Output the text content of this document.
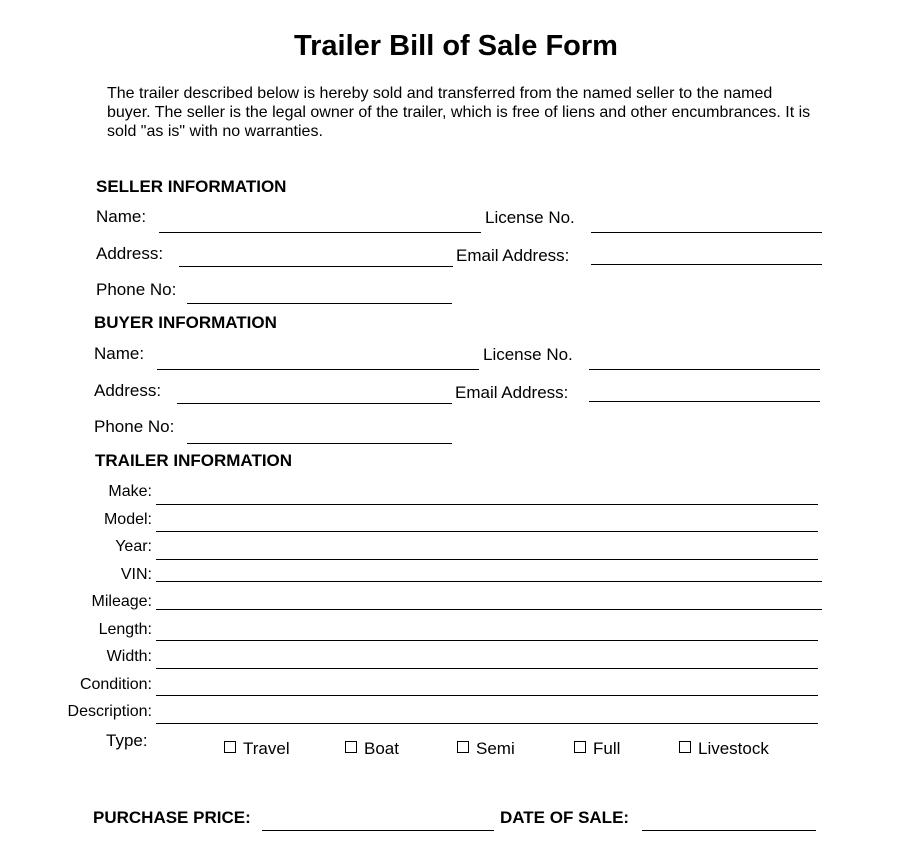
Trailer Bill of Sale Form
The trailer described below is hereby sold and transferred from the named seller to the named buyer. The seller is the legal owner of the trailer, which is free of liens and other encumbrances. It is sold "as is" with no warranties.
SELLER INFORMATION
Name:	License No.
Address:	Email Address:
Phone No:
BUYER INFORMATION
Name:	License No.
Address:	Email Address:
Phone No:
TRAILER INFORMATION
Make:
Model:
Year:
VIN:
Mileage:
Length:
Width:
Condition:
Description:
Type:	Travel	Boat	Semi	Full	Livestock
PURCHASE PRICE:	DATE OF SALE:
